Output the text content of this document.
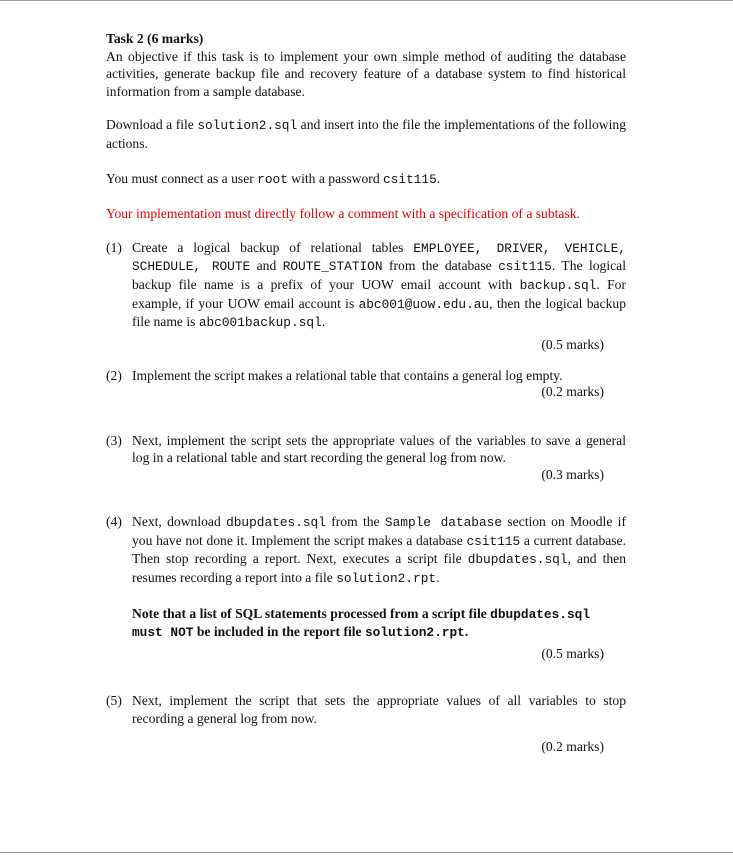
Task 2 (6 marks)

An objective if this task is to implement your own simple method of auditing the database activities, generate backup file and recovery feature of a database system to find historical information from a sample database.

Download a file solution2.sql and insert into the file the implementations of the following actions.

You must connect as a user root with a password csit115.

Your implementation must directly follow a comment with a specification of a subtask.

(1) Create a logical backup of relational tables EMPLOYEE, DRIVER, VEHICLE, SCHEDULE, ROUTE and ROUTE_STATION from the database csit115. The logical backup file name is a prefix of your UOW email account with backup.sql. For example, if your UOW email account is abc001@uow.edu.au, then the logical backup file name is abc001backup.sql.

(0.5 marks)

(2) Implement the script makes a relational table that contains a general log empty.

(0.2 marks)

(3) Next, implement the script sets the appropriate values of the variables to save a general log in a relational table and start recording the general log from now.

(0.3 marks)

(4) Next, download dbupdates.sql from the Sample database section on Moodle if you have not done it. Implement the script makes a database csit115 a current database. Then stop recording a report. Next, executes a script file dbupdates.sql, and then resumes recording a report into a file solution2.rpt.

Note that a list of SQL statements processed from a script file dbupdates.sql
must NOT be included in the report file solution2.rpt.

(0.5 marks)

(5) Next, implement the script that sets the appropriate values of all variables to stop recording a general log from now.

(0.2 marks)
